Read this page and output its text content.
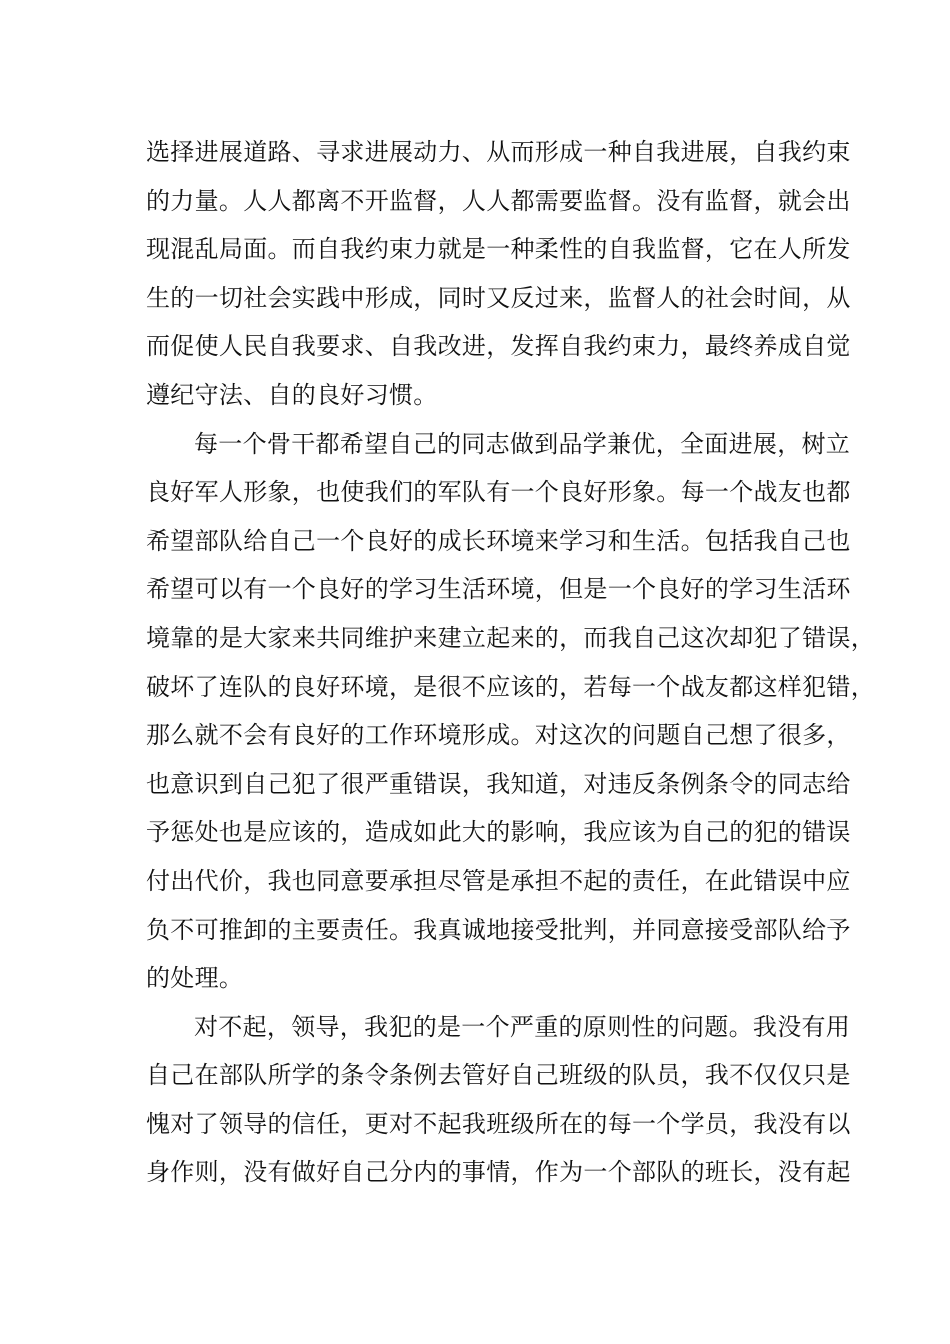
选择进展道路、寻求进展动力、从而形成一种自我进展，自我约束
的力量。人人都离不开监督，人人都需要监督。没有监督，就会出
现混乱局面。而自我约束力就是一种柔性的自我监督，它在人所发
生的一切社会实践中形成，同时又反过来，监督人的社会时间，从
而促使人民自我要求、自我改进，发挥自我约束力，最终养成自觉
遵纪守法、自的良好习惯。
每一个骨干都希望自己的同志做到品学兼优，全面进展，树立
良好军人形象，也使我们的军队有一个良好形象。每一个战友也都
希望部队给自己一个良好的成长环境来学习和生活。包括我自己也
希望可以有一个良好的学习生活环境，但是一个良好的学习生活环
境靠的是大家来共同维护来建立起来的，而我自己这次却犯了错误，
破坏了连队的良好环境，是很不应该的，若每一个战友都这样犯错，
那么就不会有良好的工作环境形成。对这次的问题自己想了很多，
也意识到自己犯了很严重错误，我知道，对违反条例条令的同志给
予惩处也是应该的，造成如此大的影响，我应该为自己的犯的错误
付出代价，我也同意要承担尽管是承担不起的责任，在此错误中应
负不可推卸的主要责任。我真诚地接受批判，并同意接受部队给予
的处理。
对不起，领导，我犯的是一个严重的原则性的问题。我没有用
自己在部队所学的条令条例去管好自己班级的队员，我不仅仅只是
愧对了领导的信任，更对不起我班级所在的每一个学员，我没有以
身作则，没有做好自己分内的事情，作为一个部队的班长，没有起
